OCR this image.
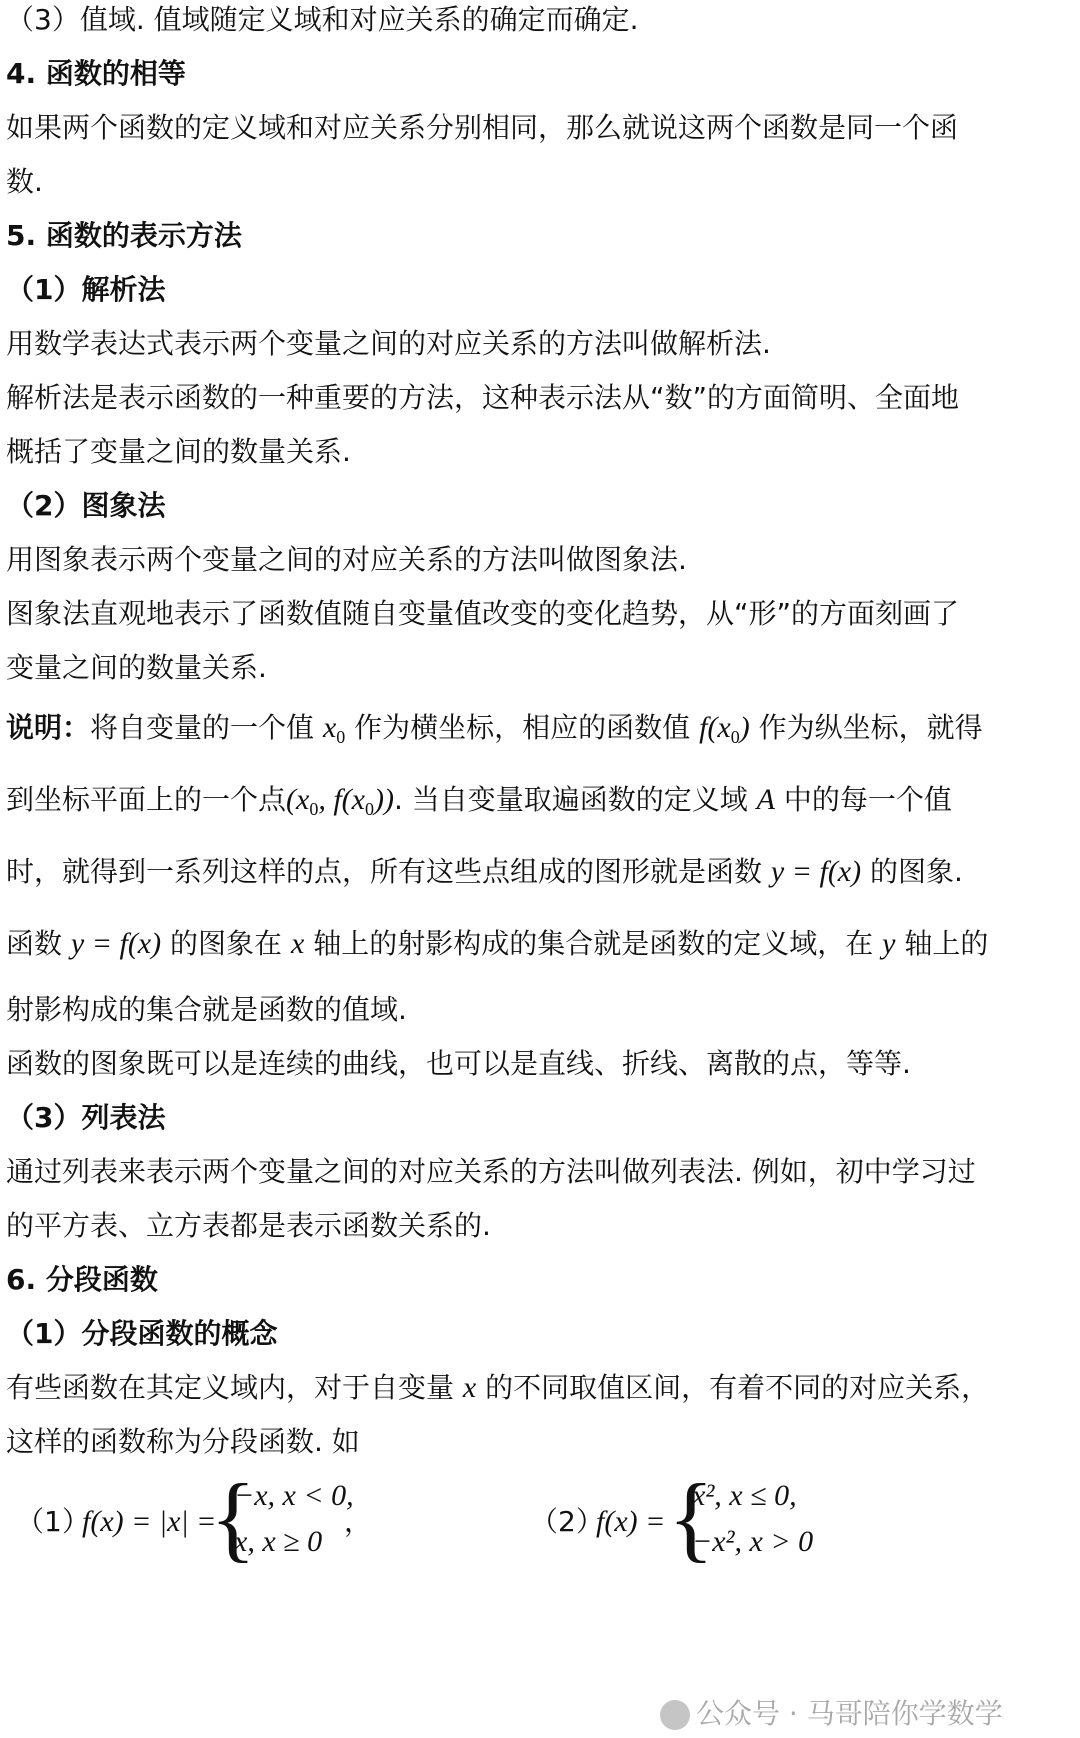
（3）值域. 值域随定义域和对应关系的确定而确定.
4. 函数的相等
如果两个函数的定义域和对应关系分别相同，那么就说这两个函数是同一个函
数.
5. 函数的表示方法
（1）解析法
用数学表达式表示两个变量之间的对应关系的方法叫做解析法.
解析法是表示函数的一种重要的方法，这种表示法从“数”的方面简明、全面地
概括了变量之间的数量关系.
（2）图象法
用图象表示两个变量之间的对应关系的方法叫做图象法.
图象法直观地表示了函数值随自变量值改变的变化趋势，从“形”的方面刻画了
变量之间的数量关系.
说明：将自变量的一个值 $x_0$ 作为横坐标，相应的函数值 $f(x_0)$ 作为纵坐标，就得
到坐标平面上的一个点($x_0$, $f(x_0)$). 当自变量取遍函数的定义域 A 中的每一个值
时，就得到一系列这样的点，所有这些点组成的图形就是函数 y = f(x) 的图象.
函数 y = f(x) 的图象在 x 轴上的射影构成的集合就是函数的定义域，在 y 轴上的
射影构成的集合就是函数的值域.
函数的图象既可以是连续的曲线，也可以是直线、折线、离散的点，等等.
（3）列表法
通过列表来表示两个变量之间的对应关系的方法叫做列表法. 例如，初中学习过
的平方表、立方表都是表示函数关系的.
6. 分段函数
（1）分段函数的概念
有些函数在其定义域内，对于自变量 x 的不同取值区间，有着不同的对应关系，
这样的函数称为分段函数. 如
（1）
f(x) = |x| =
{
−x, x < 0,
x, x ≥ 0
，	（2）
f(x) = {
x², x ≤ 0,
−x², x > 0
公众号 · 马哥陪你学数学
